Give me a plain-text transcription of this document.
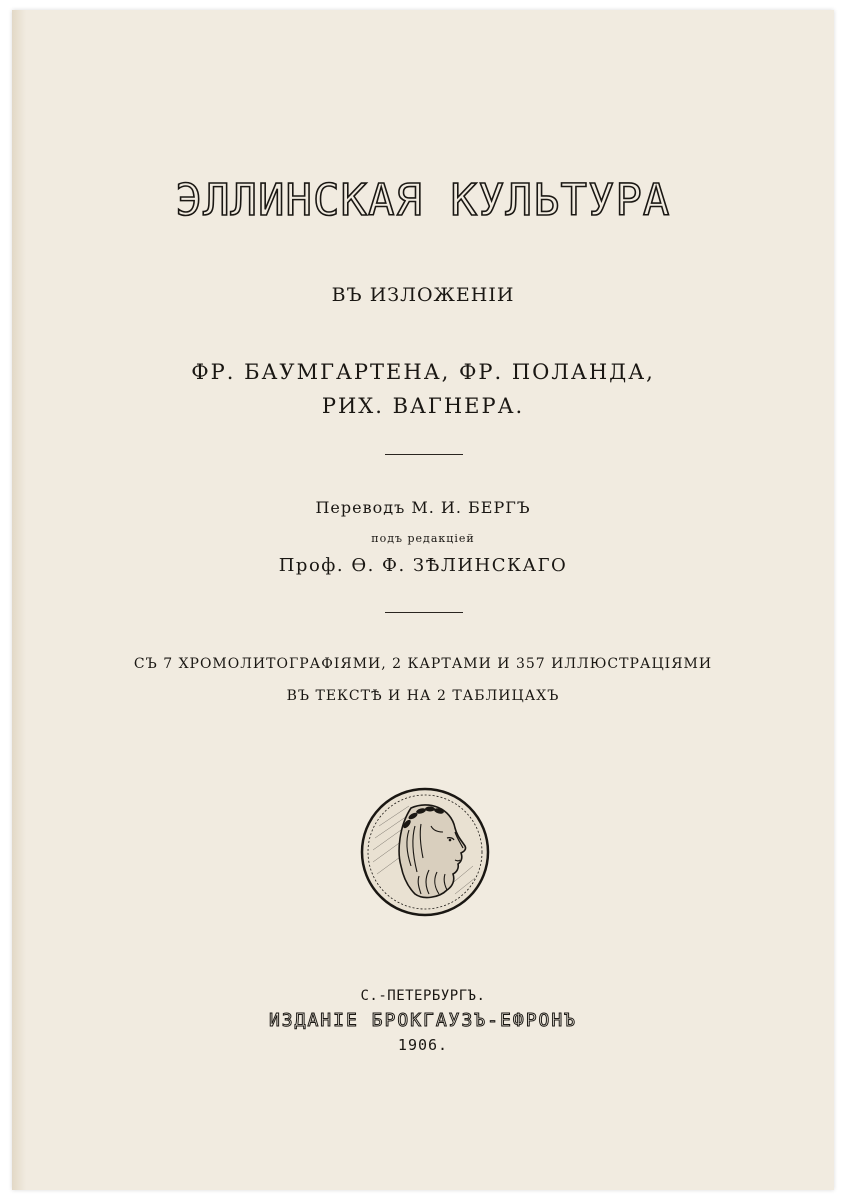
ЭЛЛИНСКАЯ КУЛЬТУРА
ВЪ ИЗЛОЖЕНІИ
ФР. БАУМГАРТЕНА, ФР. ПОЛАНДА,
РИХ. ВАГНЕРА.
Переводъ М. И. БЕРГЪ
подъ редакціей
Проф. Ѳ. Ф. ЗѢЛИНСКАГО
СЪ 7 ХРОМОЛИТОГРАФІЯМИ, 2 КАРТАМИ И 357 ИЛЛЮСТРАЦІЯМИ
ВЪ ТЕКСТѢ И НА 2 ТАБЛИЦАХЪ
С.-ПЕТЕРБУРГЪ.
ИЗДАНІЕ БРОКГАУЗЪ-ЕФРОНЪ
1906.
